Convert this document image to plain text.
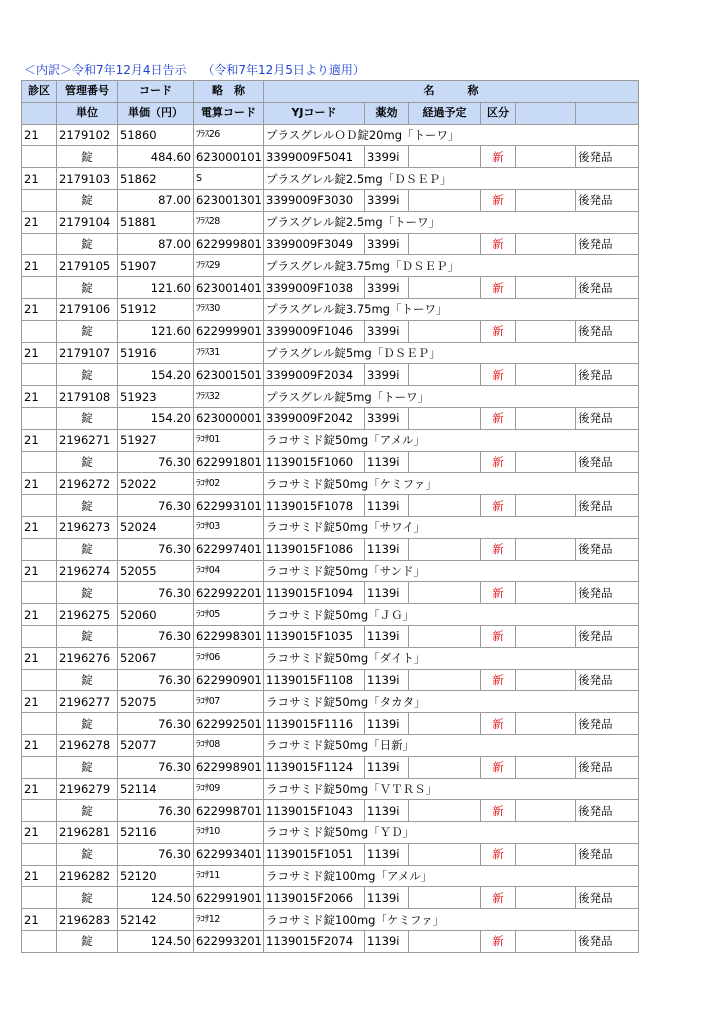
＜内訳＞令和7年12月4日告示　 （令和7年12月5日より適用）
診区	管理番号	コード	略　称	名　　　称					
	単位	単価（円）	電算コード	YJコード	薬効	経過予定	区分		
21	2179102	51860	ﾌﾗｽ26	プラスグレルＯＤ錠20mg「トーワ」					
	錠	484.60	623000101	3399009F5041	3399i		新		後発品
21	2179103	51862	S	プラスグレル錠2.5mg「ＤＳＥＰ」					
	錠	87.00	623001301	3399009F3030	3399i		新		後発品
21	2179104	51881	ﾌﾗｽ28	プラスグレル錠2.5mg「トーワ」					
	錠	87.00	622999801	3399009F3049	3399i		新		後発品
21	2179105	51907	ﾌﾗｽ29	プラスグレル錠3.75mg「ＤＳＥＰ」					
	錠	121.60	623001401	3399009F1038	3399i		新		後発品
21	2179106	51912	ﾌﾗｽ30	プラスグレル錠3.75mg「トーワ」					
	錠	121.60	622999901	3399009F1046	3399i		新		後発品
21	2179107	51916	ﾌﾗｽ31	プラスグレル錠5mg「ＤＳＥＰ」					
	錠	154.20	623001501	3399009F2034	3399i		新		後発品
21	2179108	51923	ﾌﾗｽ32	プラスグレル錠5mg「トーワ」					
	錠	154.20	623000001	3399009F2042	3399i		新		後発品
21	2196271	51927	ﾗｺｻ01	ラコサミド錠50mg「アメル」					
	錠	76.30	622991801	1139015F1060	1139i		新		後発品
21	2196272	52022	ﾗｺｻ02	ラコサミド錠50mg「ケミファ」					
	錠	76.30	622993101	1139015F1078	1139i		新		後発品
21	2196273	52024	ﾗｺｻ03	ラコサミド錠50mg「サワイ」					
	錠	76.30	622997401	1139015F1086	1139i		新		後発品
21	2196274	52055	ﾗｺｻ04	ラコサミド錠50mg「サンド」					
	錠	76.30	622992201	1139015F1094	1139i		新		後発品
21	2196275	52060	ﾗｺｻ05	ラコサミド錠50mg「ＪＧ」					
	錠	76.30	622998301	1139015F1035	1139i		新		後発品
21	2196276	52067	ﾗｺｻ06	ラコサミド錠50mg「ダイト」					
	錠	76.30	622990901	1139015F1108	1139i		新		後発品
21	2196277	52075	ﾗｺｻ07	ラコサミド錠50mg「タカタ」					
	錠	76.30	622992501	1139015F1116	1139i		新		後発品
21	2196278	52077	ﾗｺｻ08	ラコサミド錠50mg「日新」					
	錠	76.30	622998901	1139015F1124	1139i		新		後発品
21	2196279	52114	ﾗｺｻ09	ラコサミド錠50mg「ＶＴＲＳ」					
	錠	76.30	622998701	1139015F1043	1139i		新		後発品
21	2196281	52116	ﾗｺｻ10	ラコサミド錠50mg「ＹＤ」					
	錠	76.30	622993401	1139015F1051	1139i		新		後発品
21	2196282	52120	ﾗｺｻ11	ラコサミド錠100mg「アメル」					
	錠	124.50	622991901	1139015F2066	1139i		新		後発品
21	2196283	52142	ﾗｺｻ12	ラコサミド錠100mg「ケミファ」					
	錠	124.50	622993201	1139015F2074	1139i		新		後発品
